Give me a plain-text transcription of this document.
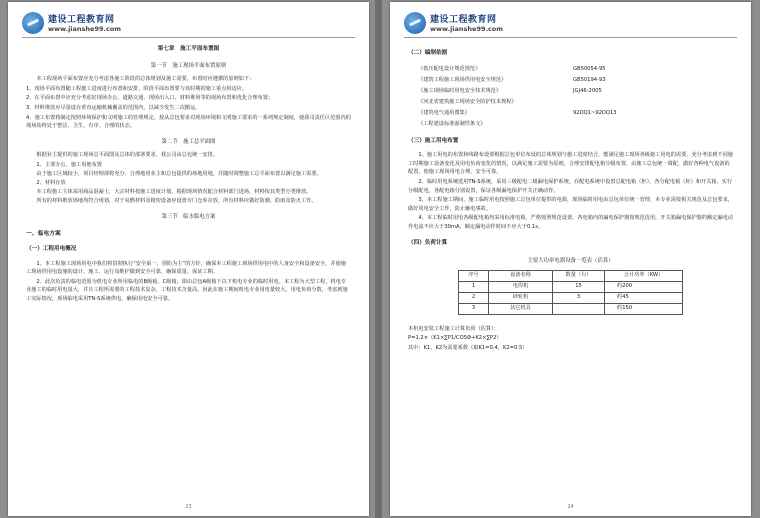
建设工程教育网
www.jianshe99.com
第七章　施工平面布置图
第一节　施工现场平面布置原则
本工程现场平面布置应充分考虑各施工阶段的总体规划及施工需要，布置时应遵循的原则如下：
1、现场平面布置随工程施工进度进行布置和安排，阶段平面布置要与该时期的施工重点相适应。
2、在平面布置中应充分考虑好现场办公、道路交通、现场出入口、材料堆场等的现场布置和优化合理布置；
3、材料堆放应尽量设在垂直运输机械覆盖的范围内，以减少发生二次搬运。
4、施工布置将制定按照环境保护和文明施工的管理规定，按从总包要求对现场环境和文明施工要求的一系列规定制度，使我司责任区范围内的现场始终处于整洁、卫生、有序、合理的状态。
第二节　施工总平面图
根据业主提供的施工现场总平面图及总体的部署要求，我公司由总包统一安排。
1、主要办公、施工用地布置
由于施工区域较小，项目经理部将充分、合理地用业主和总包提供的场地用地，并随时调整施工总平面布置以满足施工需要。
2、材料存放
本工程施工主体采用商品混凝土，大宗材料按施工进度计划，根据现场情况配合材料部门进场，材料按其类型分类堆放。
所有的材料堆放场地均符合规划，对于易燃材料及精密设备应设置专门仓库存放，所有材料应做好防潮、防雨及防火工作。
第三节　临水临电方案
一、临电方案
（一）工程用电概况
1、本工程施工现场用电中我们将贯彻执行“安全第一、预防为主”的方针，确保本工程施工现场供用电中的人身安全和设备安全，并使施工现场供用电设施的设计、施工、运行及维护做到安全可靠，确保质量，保证工期。
2、此次负责的临电范围为机电专业所用临电的B级箱、C级箱，即由总包A级箱下以下机电专业的临时用电。本工程为大型工程，机电专业施工的临时用电量大，并且工程所需要的工程技术复杂，工程技术含量高，因此在施工期间机电专业用电量较大，用电负荷分散，考虑到施工实际情况，现场临电采用TN-S系统供电，确保用电安全可靠。
23
建设工程教育网
www.jianshe99.com
（二）编制依据
《低压配电设计规范规范》	GB50054-95
《建筑工程施工现场供用电安全规范》	GB50194-93
《施工现场临时用电安全技术规范》	JGJ46-2005
《河北省建筑施工现场安全防护技术规程》
《建筑电气通用图集》	92DQ1~92DQ13
《工程建设标准强制性条文》
（三）施工用电布置
1、施工用电的布置和线路布设要根据总包单位布设的总体规划与施工进度结合，能满足施工现场各级施工用电的需要。充分考虑到不同施工时期施工设备变化及用电负荷变化的情况，以满足施工需要为原则，合理安排配电箱分级布置，由施工总包统一调配，做好各种电气设备的配置，使施工现场用电合理，安全可靠。
2、临时用电系统选用TN-S系统，采用三级配电二级漏电保护系统。在配电系统中设置总配电箱（柜），各分配电箱（柜）和开关箱，实行分级配电，各配电箱分别设置，保证各级漏电保护开关正确动作。
3、本工程施工期间，施工临时用电按照施工总包单位提供的电源，现场临时用电由总包单位统一管理，本专业需按相关规范及总包要求，做好用电安全工作，防止触电事故。
4、本工程临时用电各级配电箱均采用标准电箱，严格按照规范设置，各电箱内的漏电保护器按规范选用，开关箱漏电保护器的额定漏电动作电流不应大于30mA，额定漏电动作时间不应大于0.1s。
（四）负荷计算
主要大功率电器设备一览表（估算）
序号	设备名称	数量（台）	合计功率（KW）
1	电焊机	15	约200
2	砂轮机	3	约45
3	其它机具		约150
本机电安装工程施工计算负荷（估算）：
P=1.2×（K1×∑P1/COSΦ+K2×∑P2）
其中：K1、K2为需要系数（取K1=0.4，K2=0.5）
24
